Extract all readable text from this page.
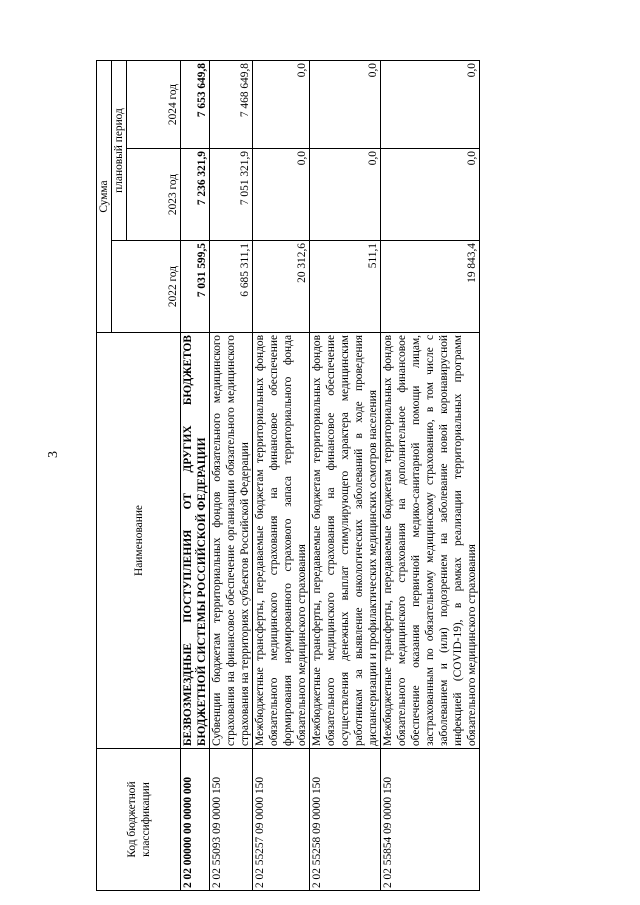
3
Код бюджетной классификации	Наименование	Сумма		
		2022 год	плановый период	
			2023 год	2024 год
2 02 00000 00 0000 000	БЕЗВОЗМЕЗДНЫЕ ПОСТУПЛЕНИЯ ОТ ДРУГИХ БЮДЖЕТОВ БЮДЖЕТНОЙ СИСТЕМЫ РОССИЙСКОЙ ФЕДЕРАЦИИ	7 031 599,5	7 236 321,9	7 653 649,8
2 02 55093 09 0000 150	Субвенции бюджетам территориальных фондов обязательного медицинского страхования на финансовое обеспечение организации обязательного медицинского страхования на территориях субъектов Российской Федерации	6 685 311,1	7 051 321,9	7 468 649,8
2 02 55257 09 0000 150	Межбюджетные трансферты, передаваемые бюджетам территориальных фондов обязательного медицинского страхования на финансовое обеспечение формирования нормированного страхового запаса территориального фонда обязательного медицинского страхования	20 312,6	0,0	0,0
2 02 55258 09 0000 150	Межбюджетные трансферты, передаваемые бюджетам территориальных фондов обязательного медицинского страхования на финансовое обеспечение осуществления денежных выплат стимулирующего характера медицинским работникам за выявление онкологических заболеваний в ходе проведения диспансеризации и профилактических медицинских осмотров населения	511,1	0,0	0,0
2 02 55854 09 0000 150	Межбюджетные трансферты, передаваемые бюджетам территориальных фондов обязательного медицинского страхования на дополнительное финансовое обеспечение оказания первичной медико-санитарной помощи лицам, застрахованным по обязательному медицинскому страхованию, в том числе с заболеванием и (или) подозрением на заболевание новой коронавирусной инфекцией (COVID-19), в рамках реализации территориальных программ обязательного медицинского страхования	19 843,4	0,0	0,0
